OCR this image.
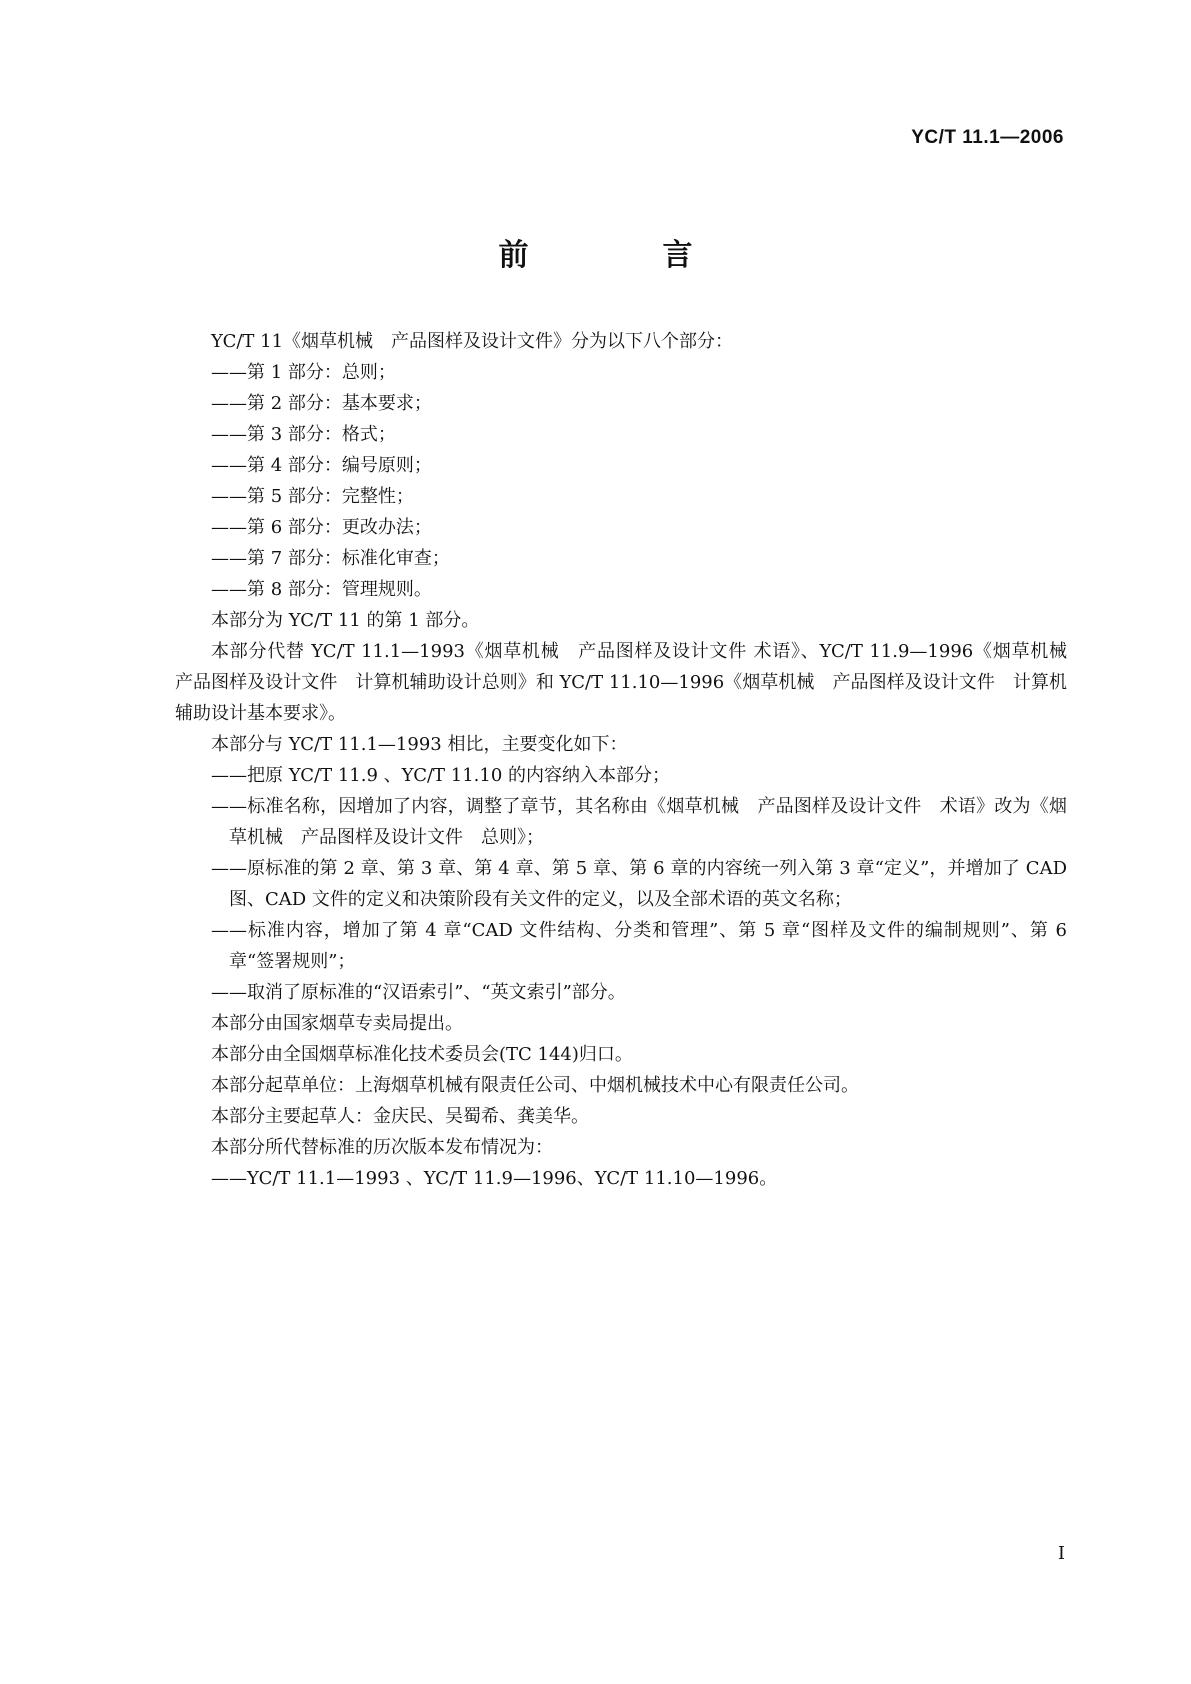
YC/T 11.1—2006
前　言

YC/T 11《烟草机械　产品图样及设计文件》分为以下八个部分：

——第 1 部分：总则；

——第 2 部分：基本要求；

——第 3 部分：格式；

——第 4 部分：编号原则；

——第 5 部分：完整性；

——第 6 部分：更改办法；

——第 7 部分：标准化审查；

——第 8 部分：管理规则。

本部分为 YC/T 11 的第 1 部分。

本部分代替 YC/T 11.1—1993《烟草机械　产品图样及设计文件 术语》、YC/T 11.9—1996《烟草机械　产品图样及设计文件　计算机辅助设计总则》和 YC/T 11.10—1996《烟草机械　产品图样及设计文件　计算机辅助设计基本要求》。

本部分与 YC/T 11.1—1993 相比，主要变化如下：

——把原 YC/T 11.9 、YC/T 11.10 的内容纳入本部分；

——标准名称，因增加了内容，调整了章节，其名称由《烟草机械　产品图样及设计文件　术语》改为《烟草机械　产品图样及设计文件　总则》；

——原标准的第 2 章、第 3 章、第 4 章、第 5 章、第 6 章的内容统一列入第 3 章“定义”，并增加了 CAD 图、CAD 文件的定义和决策阶段有关文件的定义，以及全部术语的英文名称；

——标准内容，增加了第 4 章“CAD 文件结构、分类和管理”、第 5 章“图样及文件的编制规则”、第 6 章“签署规则”；

——取消了原标准的“汉语索引”、“英文索引”部分。

本部分由国家烟草专卖局提出。

本部分由全国烟草标准化技术委员会(TC 144)归口。

本部分起草单位：上海烟草机械有限责任公司、中烟机械技术中心有限责任公司。

本部分主要起草人：金庆民、吴蜀希、龚美华。

本部分所代替标准的历次版本发布情况为：

——YC/T 11.1—1993 、YC/T 11.9—1996、YC/T 11.10—1996。

I
